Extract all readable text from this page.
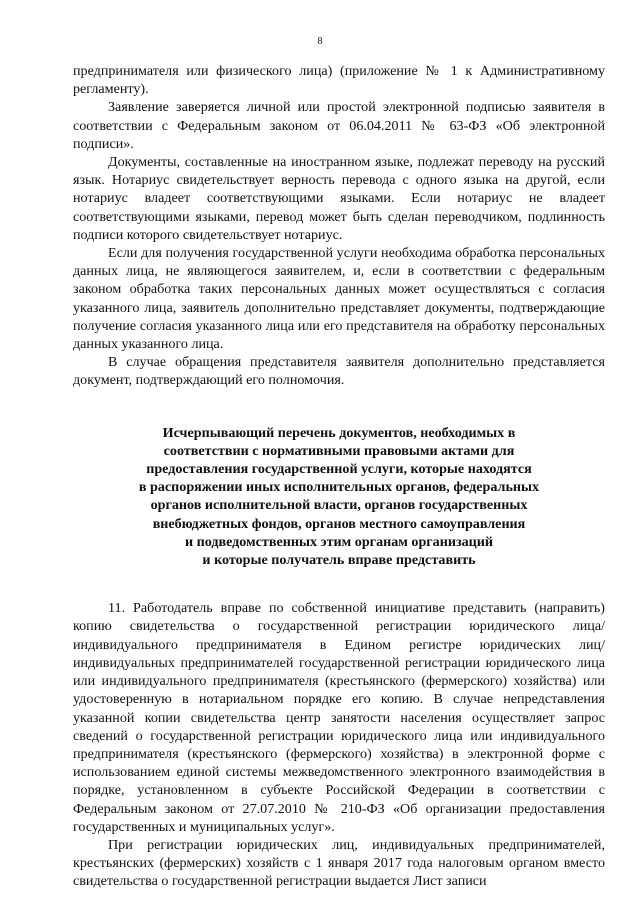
8

предпринимателя или физического лица) (приложение № 1 к Административному регламенту).

Заявление заверяется личной или простой электронной подписью заявителя в соответствии с Федеральным законом от 06.04.2011 № 63-ФЗ «Об электронной подписи».

Документы, составленные на иностранном языке, подлежат переводу на русский язык. Нотариус свидетельствует верность перевода с одного языка на другой, если нотариус владеет соответствующими языками. Если нотариус не владеет соответствующими языками, перевод может быть сделан переводчиком, подлинность подписи которого свидетельствует нотариус.

Если для получения государственной услуги необходима обработка персональных данных лица, не являющегося заявителем, и, если в соответствии с федеральным законом обработка таких персональных данных может осуществляться с согласия указанного лица, заявитель дополнительно представляет документы, подтверждающие получение согласия указанного лица или его представителя на обработку персональных данных указанного лица.

В случае обращения представителя заявителя дополнительно представляется документ, подтверждающий его полномочия.

Исчерпывающий перечень документов, необходимых в
соответствии с нормативными правовыми актами для
предоставления государственной услуги, которые находятся
в распоряжении иных исполнительных органов, федеральных
органов исполнительной власти, органов государственных
внебюджетных фондов, органов местного самоуправления
и подведомственных этим органам организаций
и которые получатель вправе представить

11. Работодатель вправе по собственной инициативе представить (направить) копию свидетельства о государственной регистрации юридического лица/индивидуального предпринимателя в Едином регистре юридических лиц/индивидуальных предпринимателей государственной регистрации юридического лица или индивидуального предпринимателя (крестьянского (фермерского) хозяйства) или удостоверенную в нотариальном порядке его копию. В случае непредставления указанной копии свидетельства центр занятости населения осуществляет запрос сведений о государственной регистрации юридического лица или индивидуального предпринимателя (крестьянского (фермерского) хозяйства) в электронной форме с использованием единой системы межведомственного электронного взаимодействия в порядке, установленном в субъекте Российской Федерации в соответствии с Федеральным законом от 27.07.2010 № 210-ФЗ «Об организации предоставления государственных и муниципальных услуг».

При регистрации юридических лиц, индивидуальных предпринимателей, крестьянских (фермерских) хозяйств с 1 января 2017 года налоговым органом вместо свидетельства о государственной регистрации выдается Лист записи
